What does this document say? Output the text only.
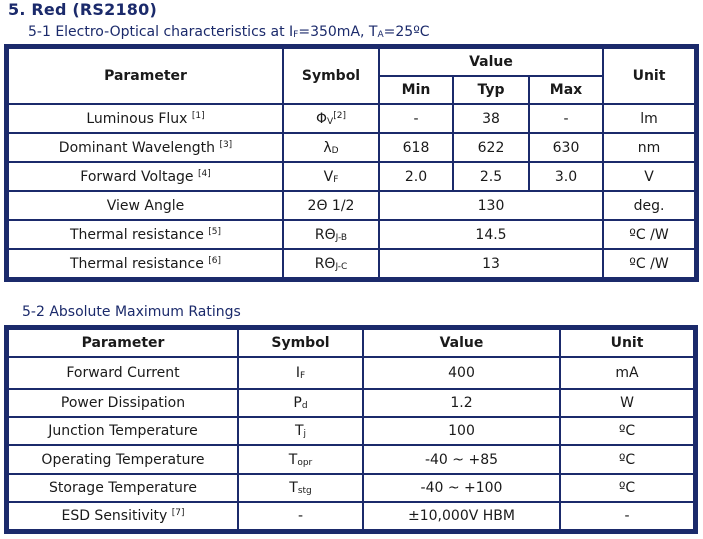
5. Red (RS2180)
5-1 Electro-Optical characteristics at $I_F=350mA$, $T_A=25ºC$
Parameter	Symbol	Value			Unit
		Min	Typ	Max	
Luminous Flux [1]	$\Phi_V[2]$	-	38	-	lm
Dominant Wavelength [3]	$\lambda_D$	618	622	630	nm
Forward Voltage [4]	$V_F$	2.0	2.5	3.0	V
View Angle	2Θ 1/2	130			deg.
Thermal resistance [5]	$R\Theta_{J-B}$	14.5			ºC /W
Thermal resistance [6]	$R\Theta_{J-C}$	13			ºC /W
5-2 Absolute Maximum Ratings
Parameter	Symbol	Value	Unit
Forward Current	$I_F$	400	mA
Power Dissipation	$P_d$	1.2	W
Junction Temperature	$T_j$	100	ºC
Operating Temperature	$T_{opr}$	-40 ~ +85	ºC
Storage Temperature	$T_{stg}$	-40 ~ +100	ºC
ESD Sensitivity [7]	-	±10,000V HBM	-
